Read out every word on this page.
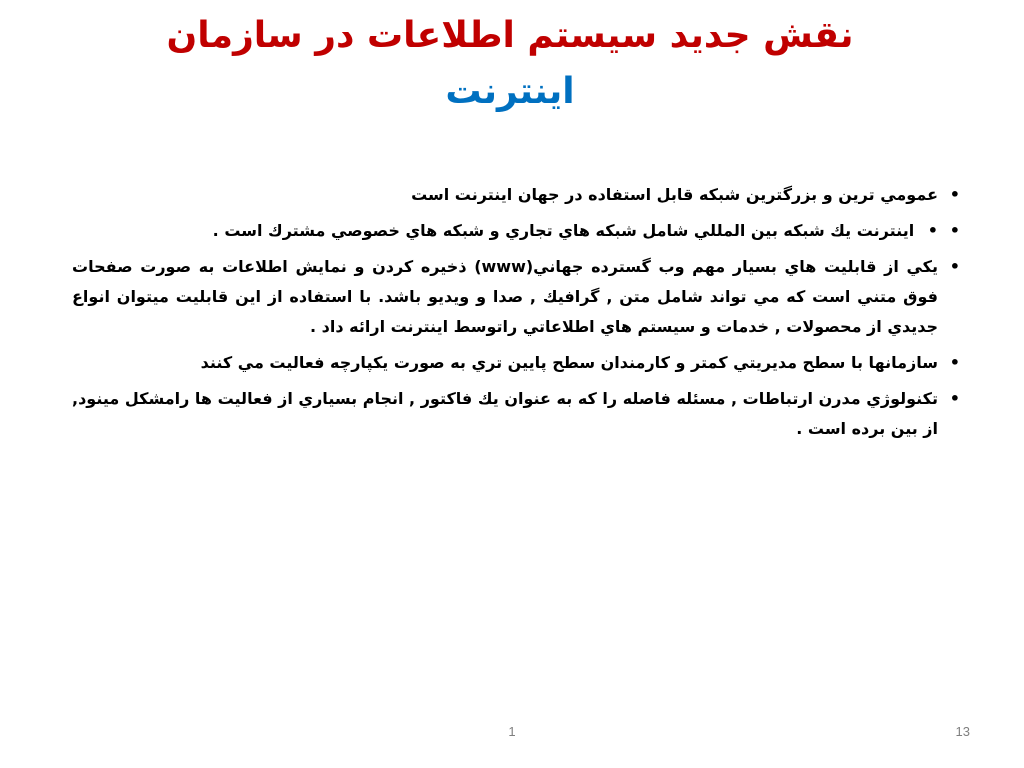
نقش جديد سيستم اطلاعات در سازمان
اينترنت
•
عمومي ترين و بزرگترين شبكه قابل استفاده در جهان اينترنت است
•
• اينترنت يك شبكه بين المللي شامل شبكه هاي تجاري و شبكه هاي خصوصي مشترك است .
•
يكي از قابليت هاي بسيار مهم وب گسترده جهاني(www) ذخيره كردن و نمايش اطلاعات به صورت صفحات فوق متني است كه مي تواند شامل متن , گرافيك , صدا و ويديو باشد. با استفاده از اين قابليت ميتوان انواع جديدي از محصولات , خدمات و سيستم هاي اطلاعاتي راتوسط اينترنت ارائه داد .
•
سازمانها با سطح مديريتي كمتر و كارمندان سطح پايين تري به صورت يكپارچه فعاليت مي كنند
•
تكنولوژي مدرن ارتباطات , مسئله فاصله را كه به عنوان يك فاكتور , انجام بسياري از فعاليت ها رامشكل مينود, از بين برده است .
1	13
